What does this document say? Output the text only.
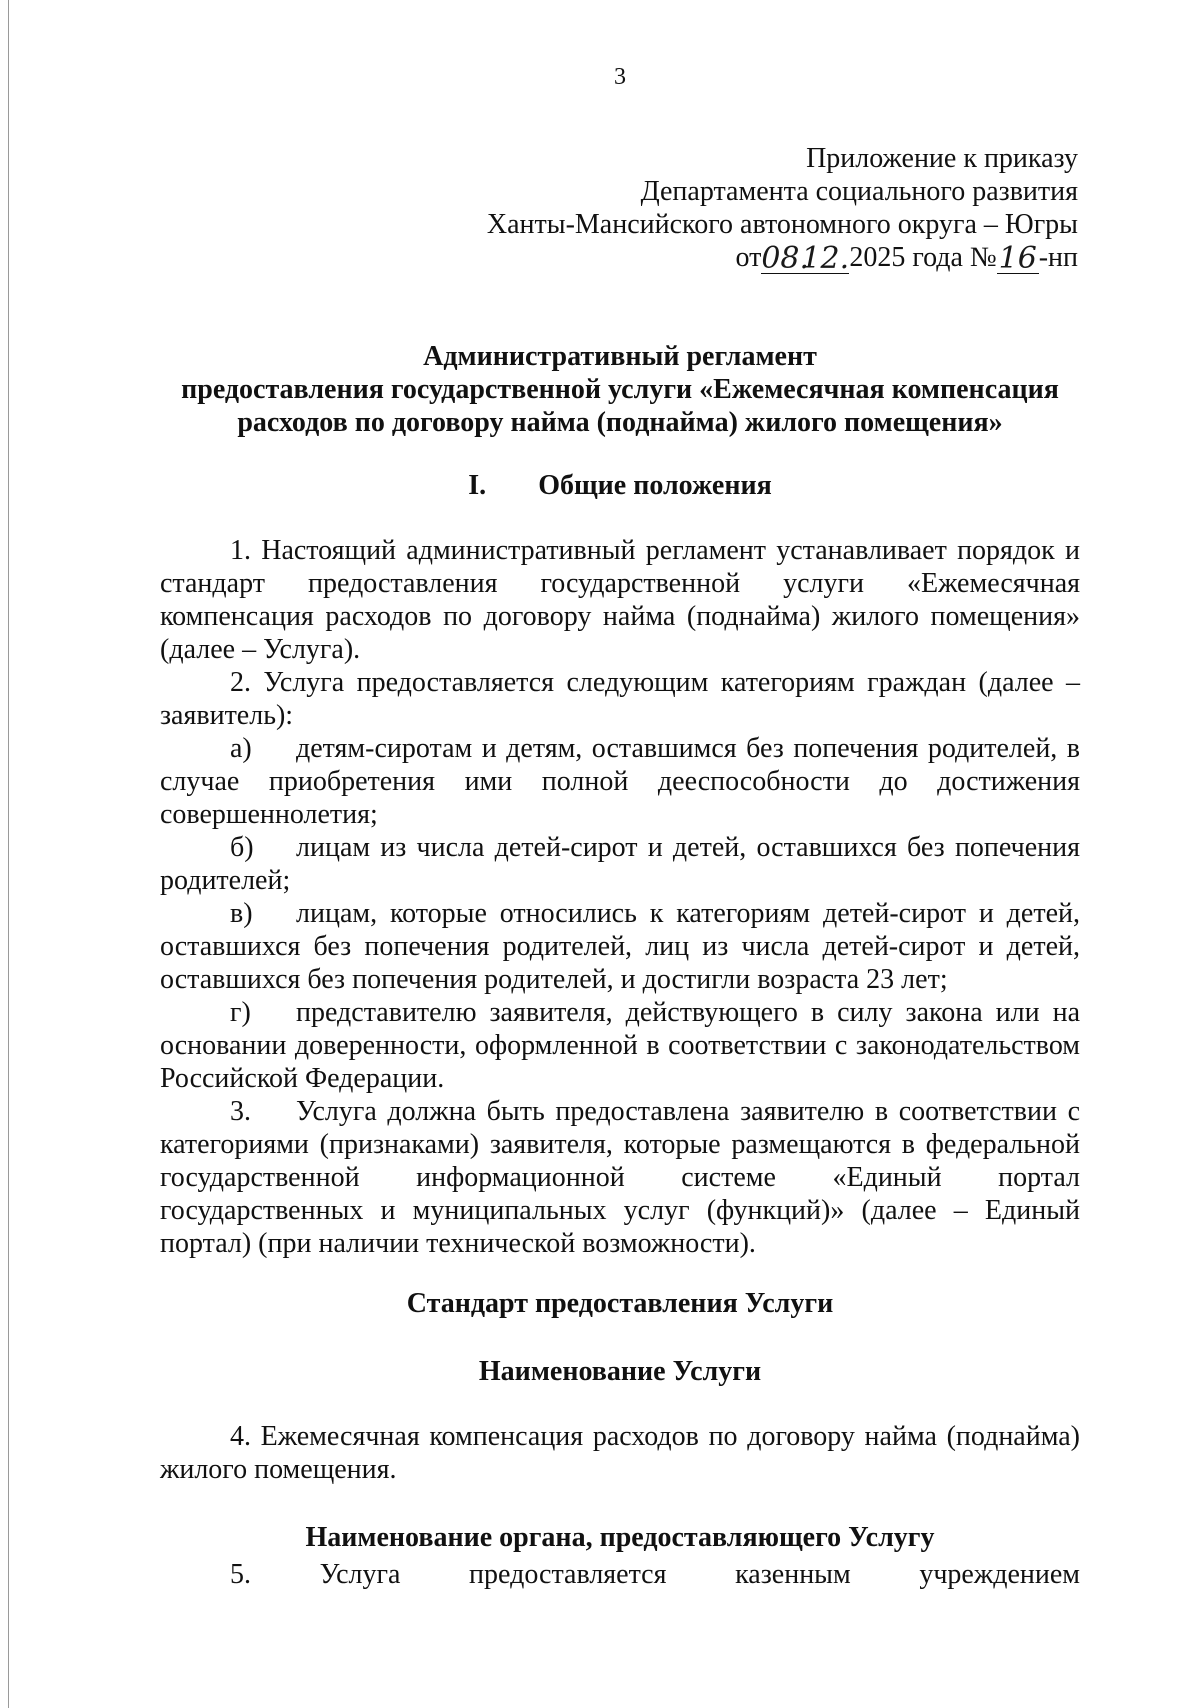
3
Приложение к приказу
Департамента социального развития
Ханты-Мансийского автономного округа – Югры
от 08.
12. 2025 года № 16 -нп
Административный регламент
предоставления государственной услуги «Ежемесячная компенсация
расходов по договору найма (поднайма) жилого помещения»
I. Общие положения

1. Настоящий административный регламент устанавливает порядок и стандарт предоставления государственной услуги «Ежемесячная компенсация расходов по договору найма (поднайма) жилого помещения» (далее – Услуга).

2. Услуга предоставляется следующим категориям граждан (далее – заявитель):

а) детям-сиротам и детям, оставшимся без попечения родителей, в случае приобретения ими полной дееспособности до достижения совершеннолетия;

б) лицам из числа детей-сирот и детей, оставшихся без попечения родителей;

в) лицам, которые относились к категориям детей-сирот и детей, оставшихся без попечения родителей, лиц из числа детей-сирот и детей, оставшихся без попечения родителей, и достигли возраста 23 лет;

г) представителю заявителя, действующего в силу закона или на основании доверенности, оформленной в соответствии с законодательством Российской Федерации.

3. Услуга должна быть предоставлена заявителю в соответствии с категориями (признаками) заявителя, которые размещаются в федеральной государственной информационной системе «Единый портал государственных и муниципальных услуг (функций)» (далее – Единый портал) (при наличии технической возможности).

Стандарт предоставления Услуги
Наименование Услуги

4. Ежемесячная компенсация расходов по договору найма (поднайма) жилого помещения.

Наименование органа, предоставляющего Услугу

5. Услуга предоставляется казенным учреждением
